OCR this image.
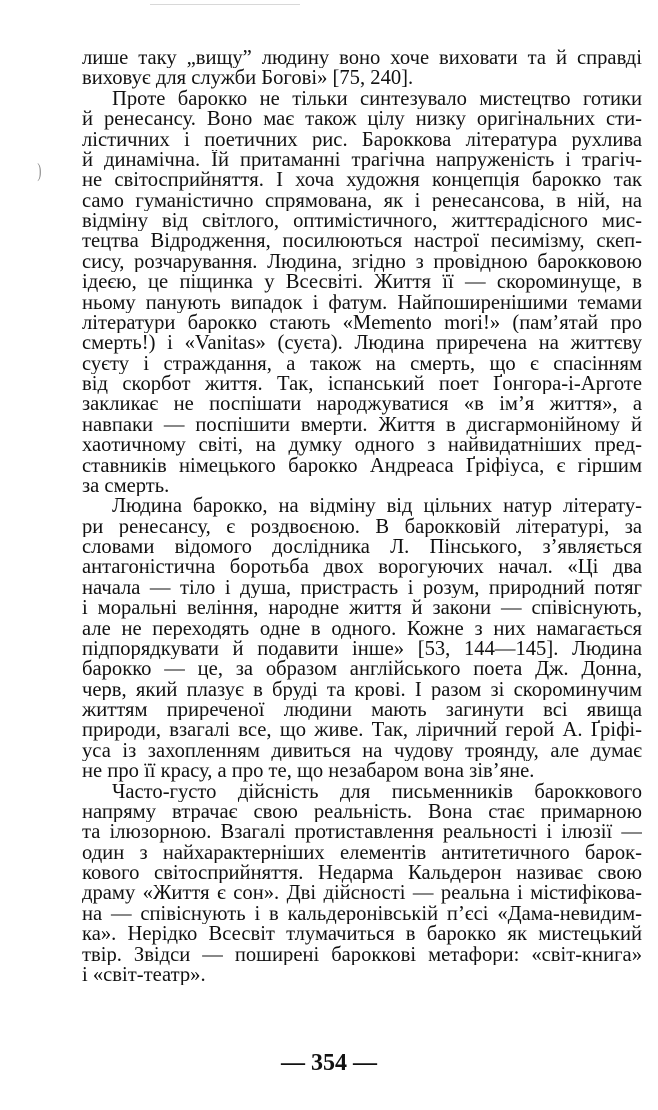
)
лише таку „вищу” людину воно хоче виховати та й справді
виховує для служби Богові» [75, 240].
Проте барокко не тільки синтезувало мистецтво готики
й ренесансу. Воно має також цілу низку оригінальних сти-
лістичних і поетичних рис. Бароккова література рухлива
й динамічна. Їй притаманні трагічна напруженість і трагіч-
не світосприйняття. І хоча художня концепція барокко так
само гуманістично спрямована, як і ренесансова, в ній, на
відміну від світлого, оптимістичного, життєрадісного мис-
тецтва Відродження, посилюються настрої песимізму, скеп-
сису, розчарування. Людина, згідно з провідною барокковою
ідеєю, це піщинка у Всесвіті. Життя її — скороминуще, в
ньому панують випадок і фатум. Найпоширенішими темами
літератури барокко стають «Memento mori!» (пам’ятай про
смерть!) і «Vanitas» (суєта). Людина приречена на життєву
суєту і страждання, а також на смерть, що є спасінням
від скорбот життя. Так, іспанський поет Ґонгора-і-Арготе
закликає не поспішати народжуватися «в ім’я життя», а
навпаки — поспішити вмерти. Життя в дисгармонійному й
хаотичному світі, на думку одного з найвидатніших пред-
ставників німецького барокко Андреаса Ґріфіуса, є гіршим
за смерть.
Людина барокко, на відміну від цільних натур літерату-
ри ренесансу, є роздвоєною. В барокковій літературі, за
словами відомого дослідника Л. Пінського, з’являється
антагоністична боротьба двох ворогуючих начал. «Ці два
начала — тіло і душа, пристрасть і розум, природний потяг
і моральні веління, народне життя й закони — співіснують,
але не переходять одне в одного. Кожне з них намагається
підпорядкувати й подавити інше» [53, 144—145]. Людина
барокко — це, за образом англійського поета Дж. Донна,
черв, який плазує в бруді та крові. І разом зі скороминучим
життям приреченої людини мають загинути всі явища
природи, взагалі все, що живе. Так, ліричний герой А. Ґріфі-
уса із захопленням дивиться на чудову троянду, але думає
не про її красу, а про те, що незабаром вона зів’яне.
Часто-густо дійсність для письменників бароккового
напряму втрачає свою реальність. Вона стає примарною
та ілюзорною. Взагалі протиставлення реальності і ілюзії —
один з найхарактерніших елементів антитетичного барок-
кового світосприйняття. Недарма Кальдерон називає свою
драму «Життя є сон». Дві дійсності — реальна і містифікова-
на — співіснують і в кальдеронівській п’єсі «Дама-невидим-
ка». Нерідко Всесвіт тлумачиться в барокко як мистецький
твір. Звідси — поширені бароккові метафори: «світ-книга»
і «світ-театр».
— 354 —
